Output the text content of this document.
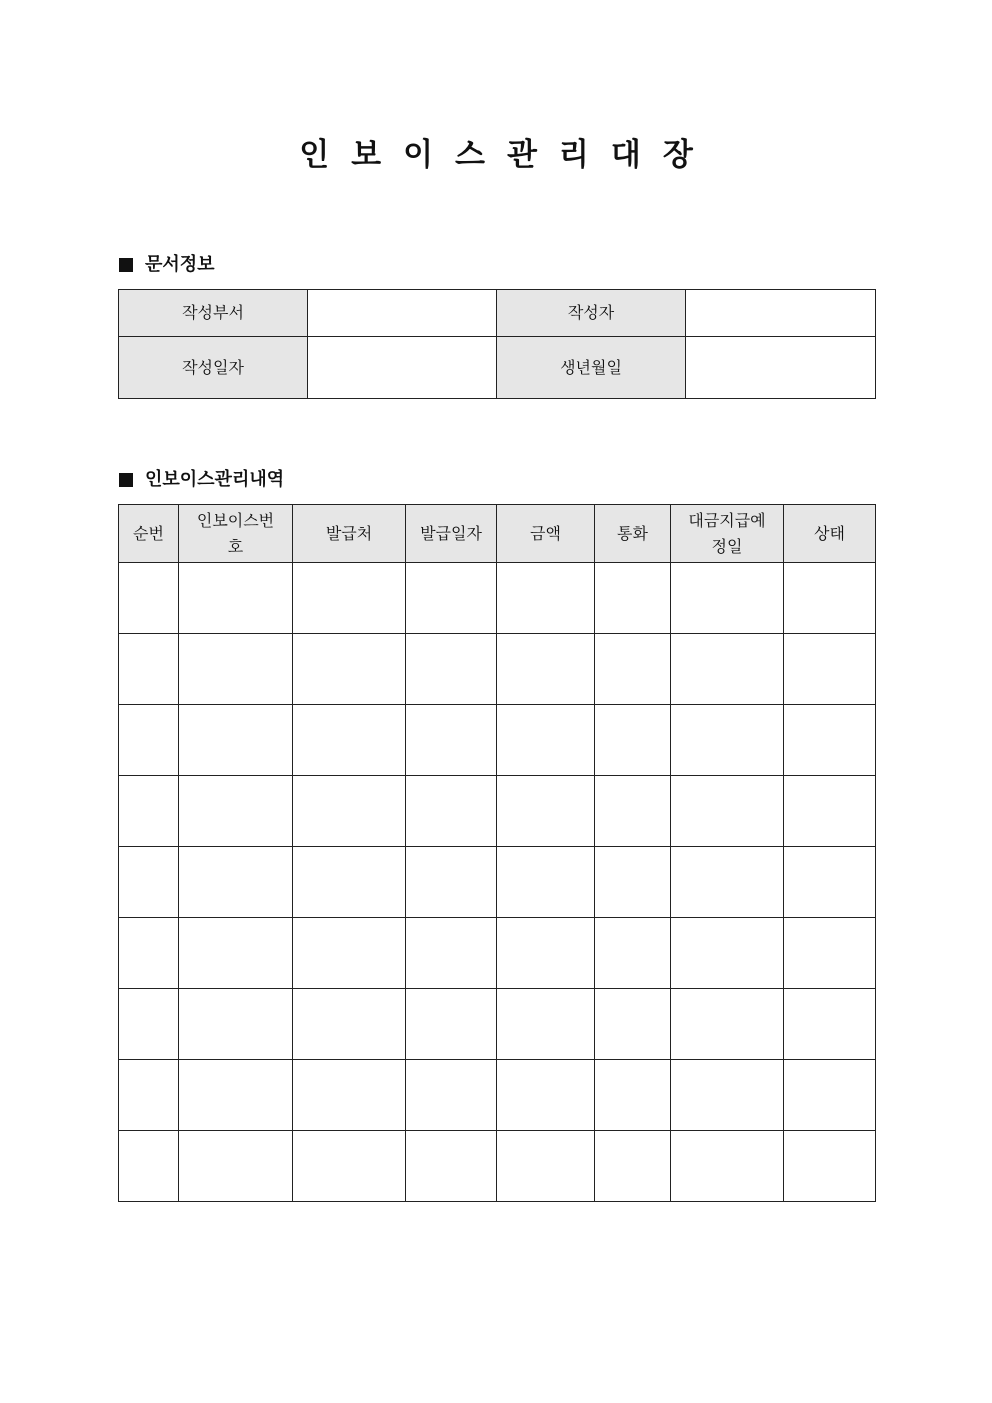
인보이스관리대장
문서정보
작성부서		작성자	
작성일자		생년월일	
인보이스관리내역
순번	인보이스번호	발급처	발급일자	금액	통화	대금지급예정일	상태
